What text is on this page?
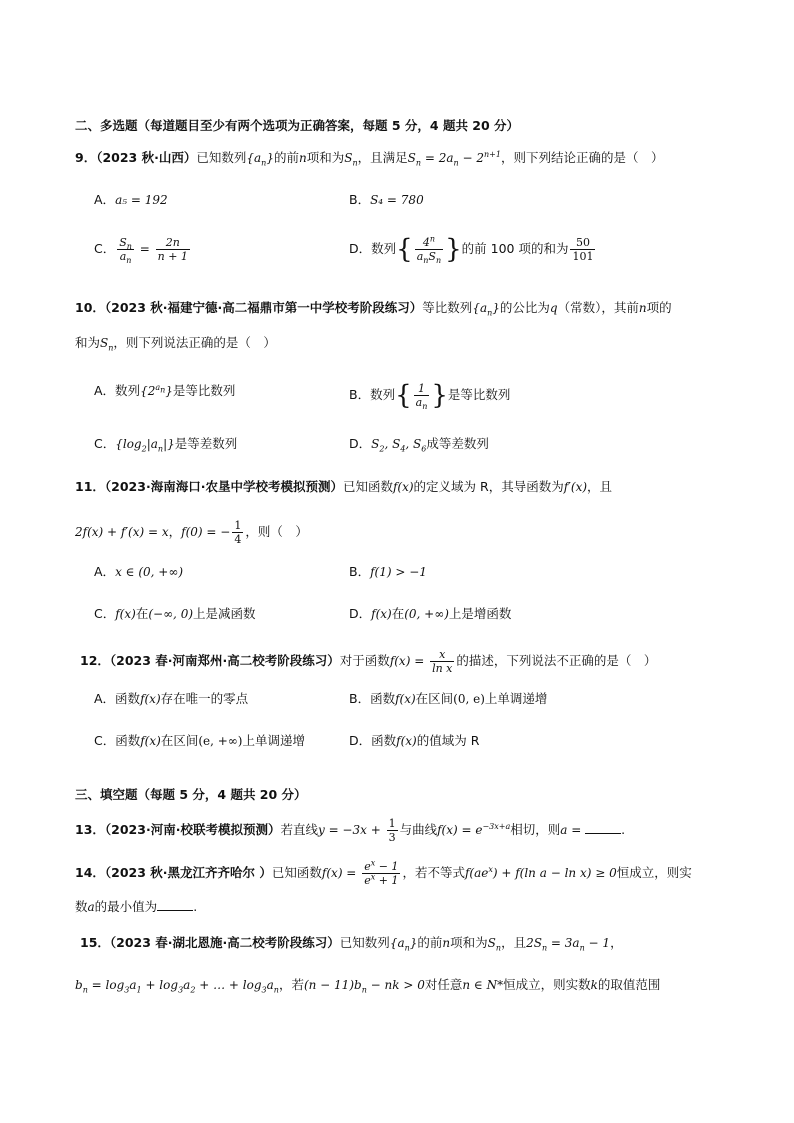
二、多选题（每道题目至少有两个选项为正确答案，每题 5 分，4 题共 20 分）
9．（2023 秋·山西）已知数列$\{a_n\}$的前n项和为$S_n$，且满足$S_n = 2a_n - 2^{n+1}$，则下列结论正确的是（　）
A．a₅ = 192	B．S₄ = 780
C． $\frac{S_n}{a_n} = \frac{2n}{n + 1}$	D．数列{ $\frac{4^n}{a_nS_n}$ }的前 100 项的和为 $\frac{50}{101}$
10．（2023 秋·福建宁德·高二福鼎市第一中学校考阶段练习）等比数列$\{a_n\}$的公比为q（常数），其前n项的
和为$S_n$，则下列说法正确的是（　）
A．数列$\{2^{a_n}\}$是等比数列	B．数列{ $\frac{1}{a_n}$ }是等比数列
C．$\{\log_2|a_n|\}$是等差数列	D．$S_2$, $S_4$, $S_6$成等差数列
11．（2023·海南海口·农垦中学校考模拟预测）已知函数f(x)的定义域为 R，其导函数为f′(x)，且
2f(x) + f′(x) = x，f(0) = − $\frac{1}{4}$ ，则（　）
A．x ∈ (0, +∞)	B．f(1) > −1
C．f(x)在(−∞, 0)上是减函数	D．f(x)在(0, +∞)上是增函数
12．（2023 春·河南郑州·高二校考阶段练习）对于函数$f(x) = \frac{x}{\text{ln x}}$ 的描述，下列说法不正确的是（　）
A．函数f(x)存在唯一的零点	B．函数f(x)在区间(0, e)上单调递增
C．函数f(x)在区间(e, +∞)上单调递增	D．函数f(x)的值域为 R
三、填空题（每题 5 分，4 题共 20 分）
13．（2023·河南·校联考模拟预测）若直线$y = -3x + \frac{1}{3}$ 与曲线$f(x) = e^{-3x+a}$相切，则a =	.
14．（2023 秋·黑龙江齐齐哈尔 ）已知函数$f(x) = \frac{e^x - 1}{e^x + 1}$ ，若不等式$f(ae^x) + f(\ln$ a − ln x) ≥ 0恒成立，则实
数a的最小值为	.
15．（2023 春·湖北恩施·高二校考阶段练习）已知数列$\{a_n\}$的前n项和为$S_n$，且$2S_n = 3a_n - 1$，
$b_n = \log_3a_1 + \log_3a_2$ + … + $\log_3a_n$，若$(n - 11)b_n$ − nk > 0对任意n ∈ N*恒成立，则实数k的取值范围
